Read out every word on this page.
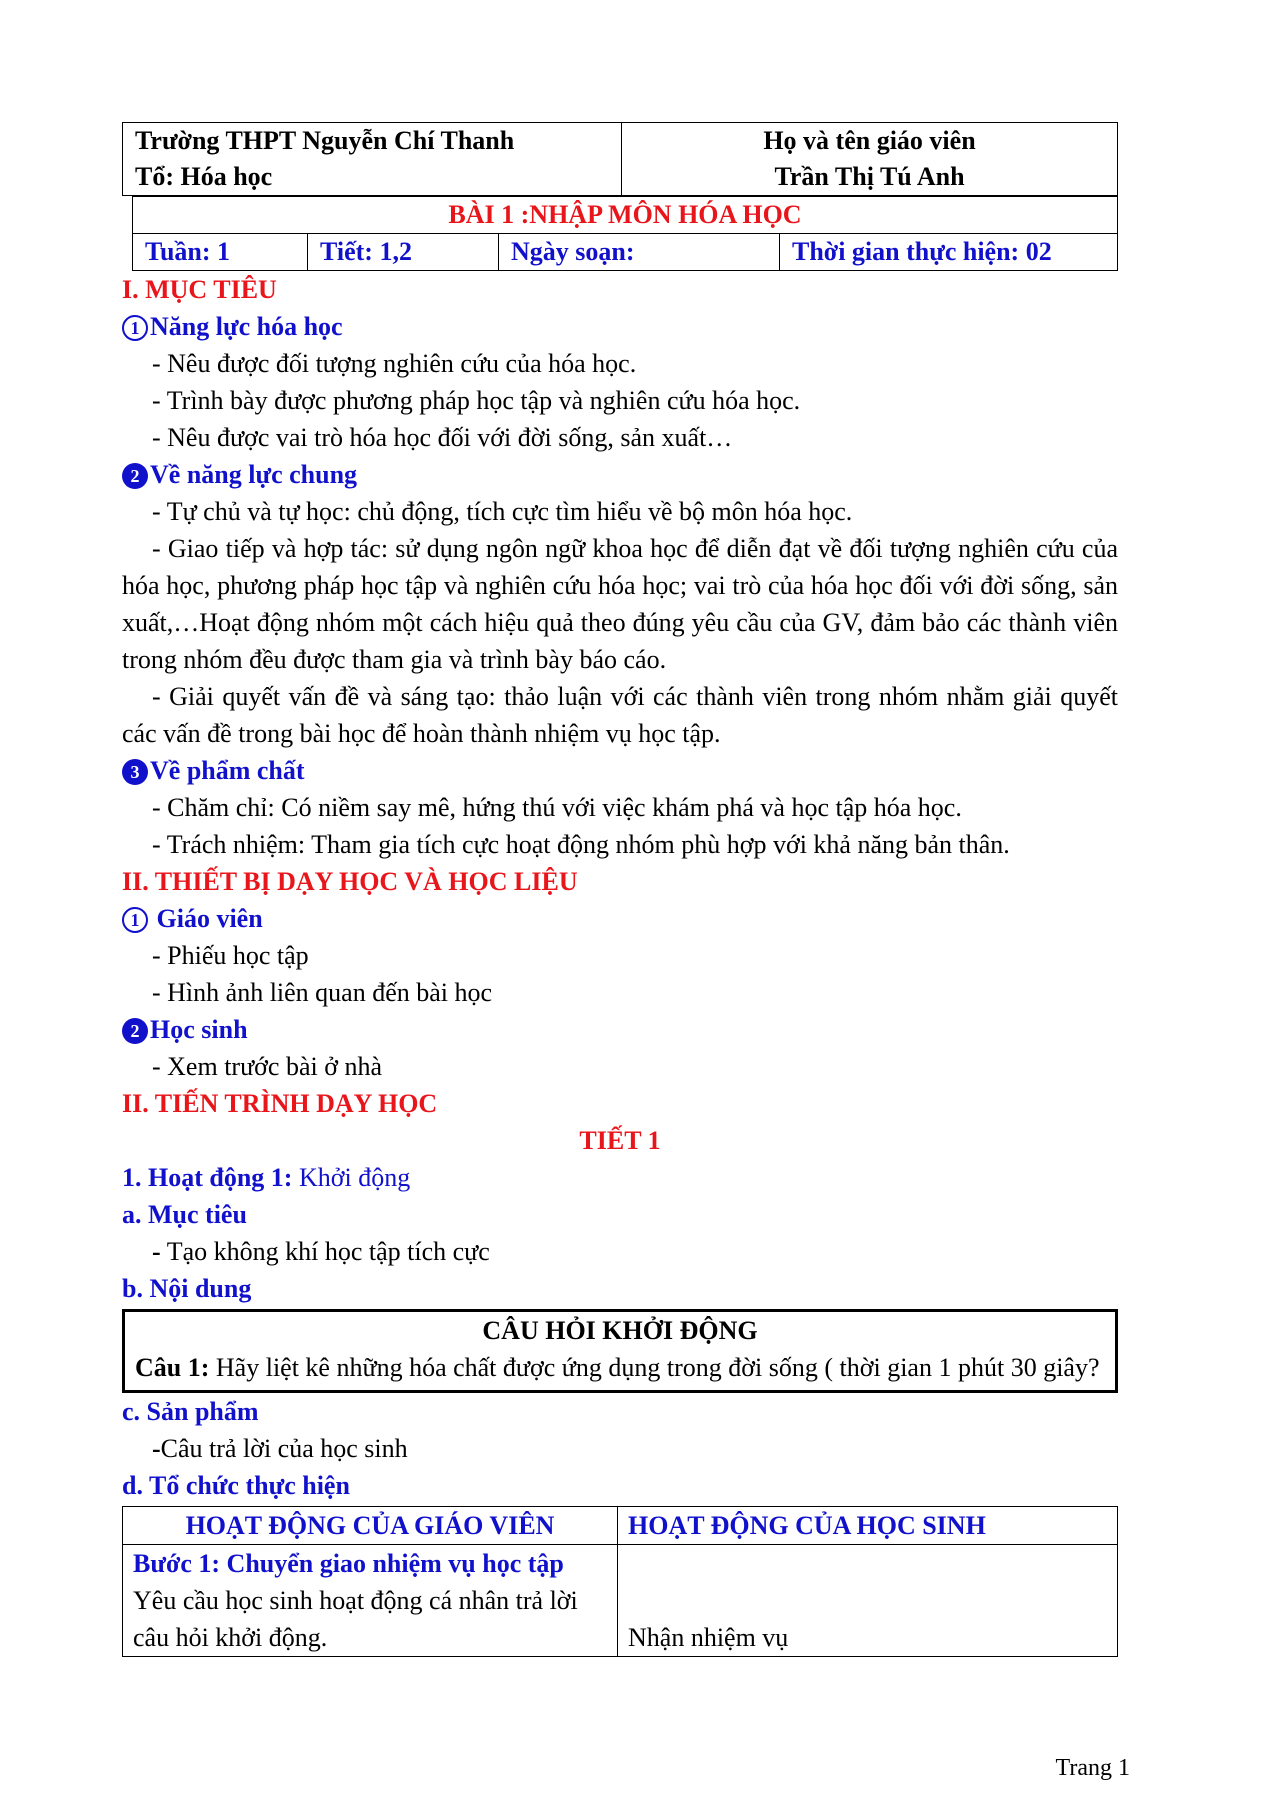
Trường THPT Nguyễn Chí Thanh
Tổ: Hóa học

Họ và tên giáo viên
Trần Thị Tú Anh
BÀI 1 :NHẬP MÔN HÓA HỌC
Tuần: 1	Tiết: 1,2	Ngày soạn:	Thời gian thực hiện: 02
I. MỤC TIÊU
1 Năng lực hóa học
- Nêu được đối tượng nghiên cứu của hóa học.
- Trình bày được phương pháp học tập và nghiên cứu hóa học.
- Nêu được vai trò hóa học đối với đời sống, sản xuất…
2 Về năng lực chung
- Tự chủ và tự học: chủ động, tích cực tìm hiểu về bộ môn hóa học.
- Giao tiếp và hợp tác: sử dụng ngôn ngữ khoa học để diễn đạt về đối tượng nghiên cứu của hóa học, phương pháp học tập và nghiên cứu hóa học; vai trò của hóa học đối với đời sống, sản xuất,…Hoạt động nhóm một cách hiệu quả theo đúng yêu cầu của GV, đảm bảo các thành viên trong nhóm đều được tham gia và trình bày báo cáo.
- Giải quyết vấn đề và sáng tạo: thảo luận với các thành viên trong nhóm nhằm giải quyết các vấn đề trong bài học để hoàn thành nhiệm vụ học tập.
3 Về phẩm chất
- Chăm chỉ: Có niềm say mê, hứng thú với việc khám phá và học tập hóa học.
- Trách nhiệm: Tham gia tích cực hoạt động nhóm phù hợp với khả năng bản thân.
II. THIẾT BỊ DẠY HỌC VÀ HỌC LIỆU
1 Giáo viên
- Phiếu học tập
- Hình ảnh liên quan đến bài học
2 Học sinh
- Xem trước bài ở nhà
II. TIẾN TRÌNH DẠY HỌC
TIẾT 1
1. Hoạt động 1: Khởi động
a. Mục tiêu
- Tạo không khí học tập tích cực
b. Nội dung
CÂU HỎI KHỞI ĐỘNG
Câu 1: Hãy liệt kê những hóa chất được ứng dụng trong đời sống ( thời gian 1 phút 30 giây?
c. Sản phẩm
-Câu trả lời của học sinh
d. Tổ chức thực hiện
HOẠT ĐỘNG CỦA GIÁO VIÊN	HOẠT ĐỘNG CỦA HỌC SINH

Bước 1: Chuyển giao nhiệm vụ học tập
Yêu cầu học sinh hoạt động cá nhân trả lời câu hỏi khởi động.	Nhận nhiệm vụ
Trang 1
